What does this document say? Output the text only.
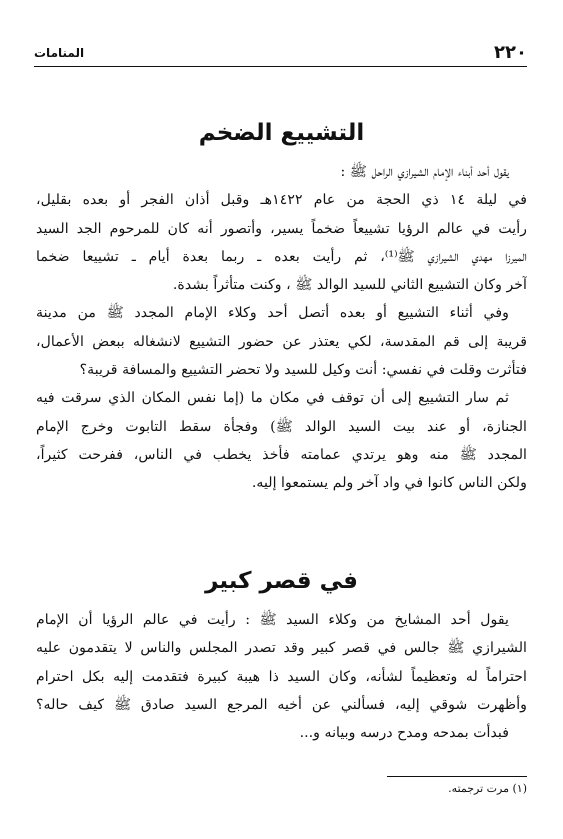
٢٢٠
المنامات
التشييع الضخم
يقول أحد أبناء الإمام الشيرازي الراحل ﷺ :
في ليلة ١٤ ذي الحجة من عام ١٤٢٢هـ وقبل أذان الفجر أو بعده بقليل،
رأيت في عالم الرؤيا تشييعاً ضخماً يسير، وأتصور أنه كان للمرحوم الجد السيد
الميرزا مهدي الشيرازي ﷺ⁽¹⁾، ثم رأيت بعده ـ ربما بعدة أيام ـ تشييعا ضخما
آخر وكان التشييع الثاني للسيد الوالد ﷺ ، وكنت متأثراً بشدة.
وفي أثناء التشييع أو بعده أتصل أحد وكلاء الإمام المجدد ﷺ من مدينة
قريبة إلى قم المقدسة، لكي يعتذر عن حضور التشييع لانشغاله ببعض الأعمال،
فتأثرت وقلت في نفسي: أنت وكيل للسيد ولا تحضر التشييع والمسافة قريبة؟
ثم سار التشييع إلى أن توقف في مكان ما (إما نفس المكان الذي سرقت فيه
الجنازة، أو عند بيت السيد الوالد ﷺ) وفجأة سقط التابوت وخرج الإمام
المجدد ﷺ منه وهو يرتدي عمامته فأخذ يخطب في الناس، ففرحت كثيراً،
ولكن الناس كانوا في واد آخر ولم يستمعوا إليه.
في قصر كبير
يقول أحد المشايخ من وكلاء السيد ﷺ : رأيت في عالم الرؤيا أن الإمام
الشيرازي ﷺ جالس في قصر كبير وقد تصدر المجلس والناس لا يتقدمون عليه
احتراماً له وتعظيماً لشأنه، وكان السيد ذا هيبة كبيرة فتقدمت إليه بكل احترام
وأظهرت شوقي إليه، فسألني عن أخيه المرجع السيد صادق ﷺ كيف حاله؟
فبدأت بمدحه ومدح درسه وبيانه و...
(١) مرت ترجمته.
